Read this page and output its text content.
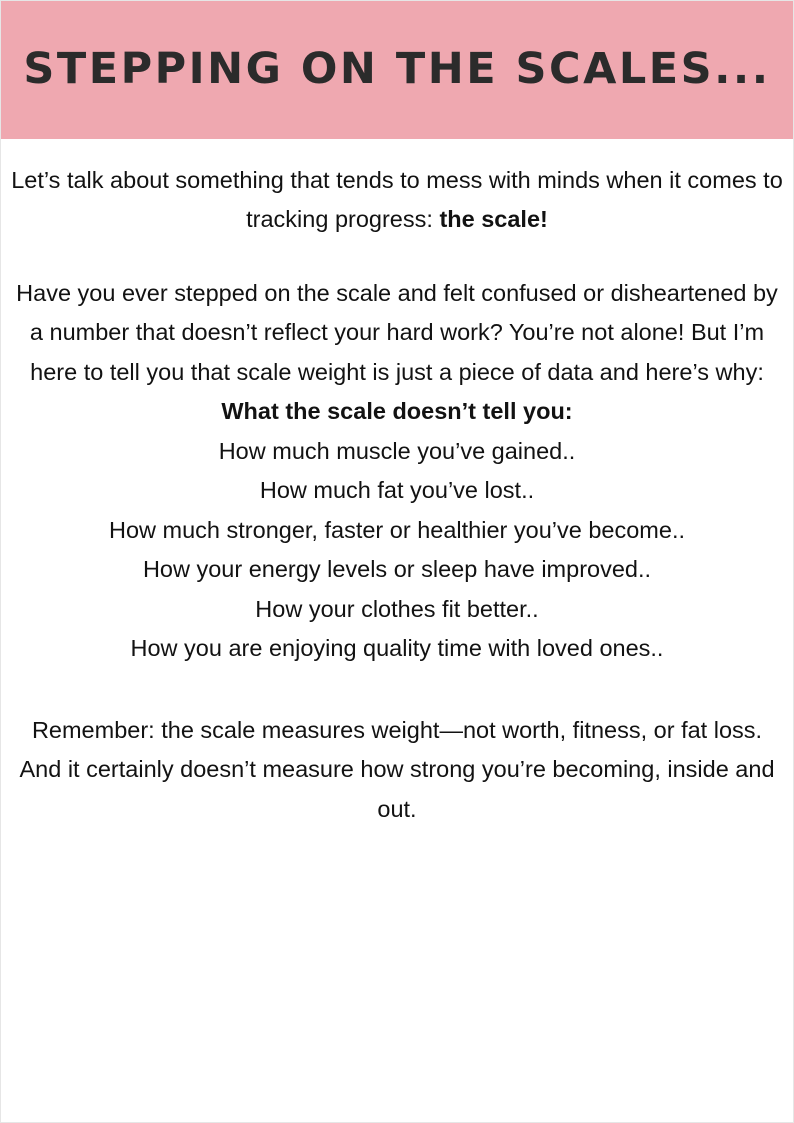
STEPPING ON THE SCALES...

Let’s talk about something that tends to mess with minds when it comes to tracking progress: the scale!

Have you ever stepped on the scale and felt confused or disheartened by a number that doesn’t reflect your hard work? You’re not alone! But I’m here to tell you that scale weight is just a piece of data and here’s why:

What the scale doesn’t tell you:
How much muscle you’ve gained..
How much fat you’ve lost..
How much stronger, faster or healthier you’ve become..
How your energy levels or sleep have improved..
How your clothes fit better..
How you are enjoying quality time with loved ones..

Remember: the scale measures weight—not worth, fitness, or fat loss.

And it certainly doesn’t measure how strong you’re becoming, inside and out.
